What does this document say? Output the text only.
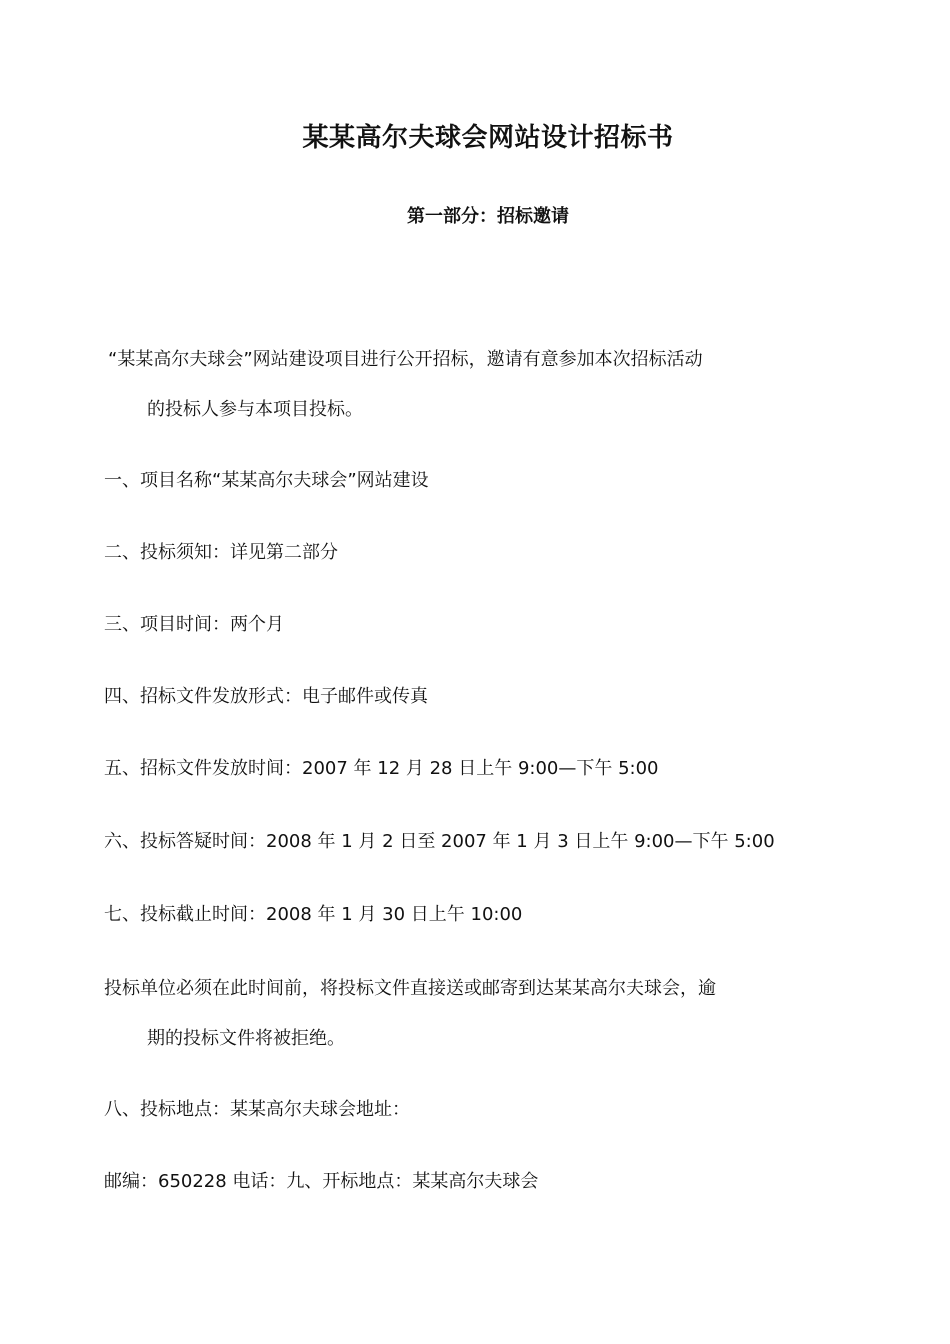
某某高尔夫球会网站设计招标书
第一部分：招标邀请
“某某高尔夫球会”网站建设项目进行公开招标，邀请有意参加本次招标活动
的投标人参与本项目投标。
一、项目名称“某某高尔夫球会”网站建设
二、投标须知：详见第二部分
三、项目时间：两个月
四、招标文件发放形式：电子邮件或传真
五、招标文件发放时间：2007 年 12 月 28 日上午 9:00—下午 5:00
六、投标答疑时间：2008 年 1 月 2 日至 2007 年 1 月 3 日上午 9:00—下午 5:00
七、投标截止时间：2008 年 1 月 30 日上午 10:00
投标单位必须在此时间前，将投标文件直接送或邮寄到达某某高尔夫球会，逾
期的投标文件将被拒绝。
八、投标地点：某某高尔夫球会地址：
邮编：650228 电话：九、开标地点：某某高尔夫球会
